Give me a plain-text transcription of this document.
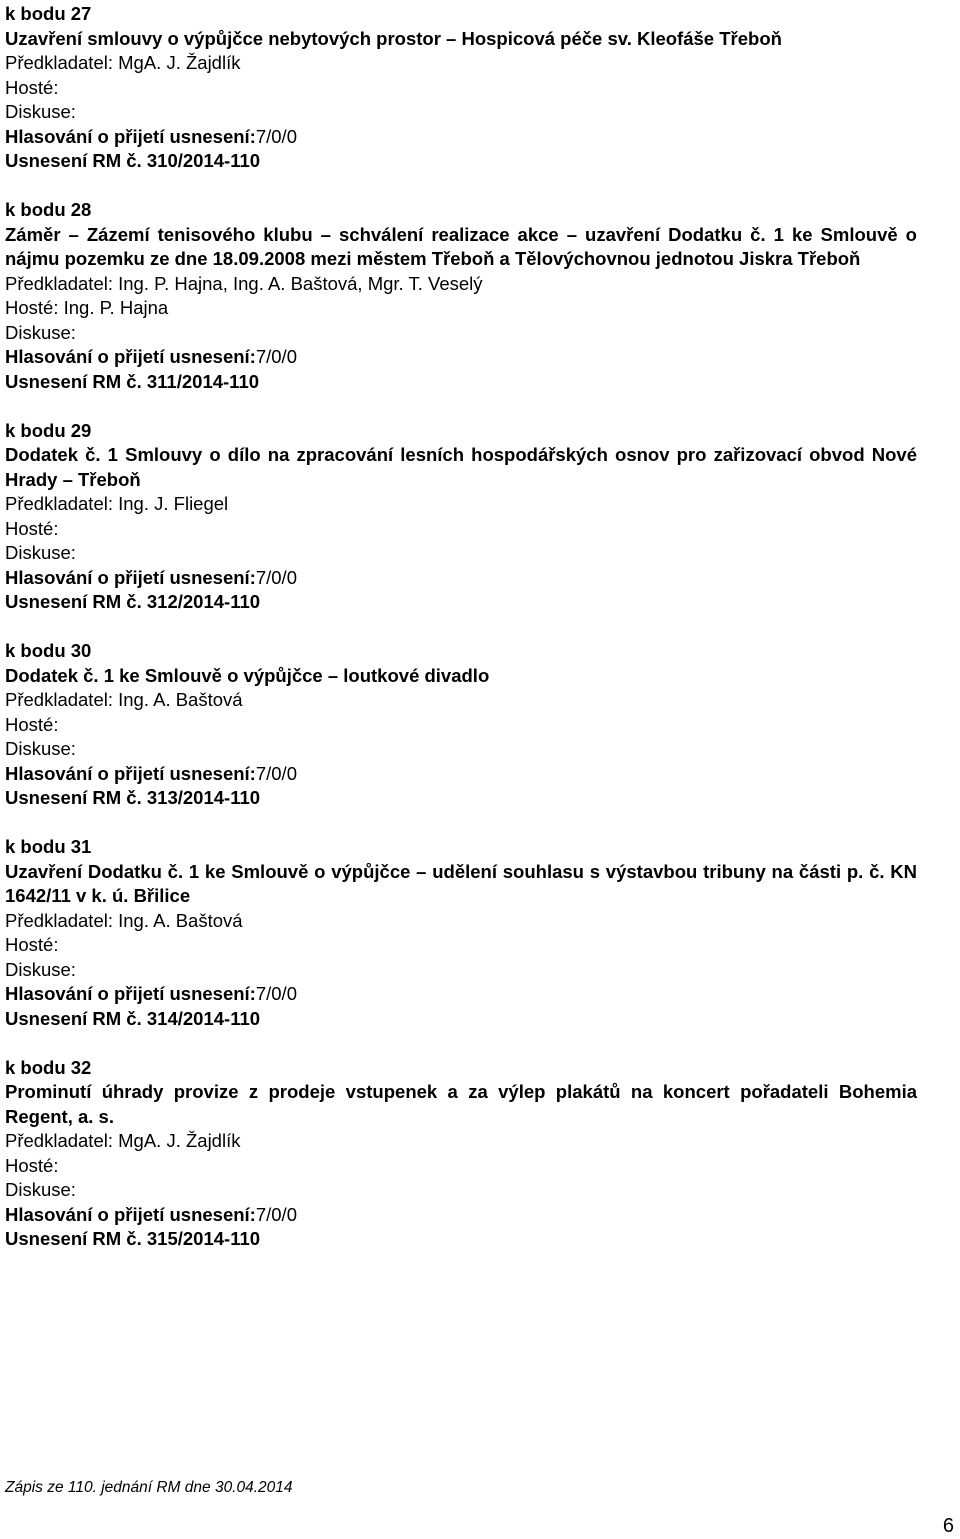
k bodu 27
Uzavření smlouvy o výpůjčce nebytových prostor – Hospicová péče sv. Kleofáše Třeboň
Předkladatel: MgA. J. Žajdlík
Hosté:
Diskuse:
Hlasování o přijetí usnesení:7/0/0
Usnesení RM č. 310/2014-110
k bodu 28
Záměr – Zázemí tenisového klubu – schválení realizace akce – uzavření Dodatku č. 1 ke Smlouvě o nájmu pozemku ze dne 18.09.2008 mezi městem Třeboň a Tělovýchovnou jednotou Jiskra Třeboň
Předkladatel: Ing. P. Hajna, Ing. A. Baštová, Mgr. T. Veselý
Hosté: Ing. P. Hajna
Diskuse:
Hlasování o přijetí usnesení:7/0/0
Usnesení RM č. 311/2014-110
k bodu 29
Dodatek č. 1 Smlouvy o dílo na zpracování lesních hospodářských osnov pro zařizovací obvod Nové Hrady – Třeboň
Předkladatel: Ing. J. Fliegel
Hosté:
Diskuse:
Hlasování o přijetí usnesení:7/0/0
Usnesení RM č. 312/2014-110
k bodu 30
Dodatek č. 1 ke Smlouvě o výpůjčce – loutkové divadlo
Předkladatel: Ing. A. Baštová
Hosté:
Diskuse:
Hlasování o přijetí usnesení:7/0/0
Usnesení RM č. 313/2014-110
k bodu 31
Uzavření Dodatku č. 1 ke Smlouvě o výpůjčce – udělení souhlasu s výstavbou tribuny na části p. č. KN 1642/11 v k. ú. Břilice
Předkladatel: Ing. A. Baštová
Hosté:
Diskuse:
Hlasování o přijetí usnesení:7/0/0
Usnesení RM č. 314/2014-110
k bodu 32
Prominutí úhrady provize z prodeje vstupenek a za výlep plakátů na koncert pořadateli Bohemia Regent, a. s.
Předkladatel: MgA. J. Žajdlík
Hosté:
Diskuse:
Hlasování o přijetí usnesení:7/0/0
Usnesení RM č. 315/2014-110
Zápis ze 110. jednání RM dne 30.04.2014
6
